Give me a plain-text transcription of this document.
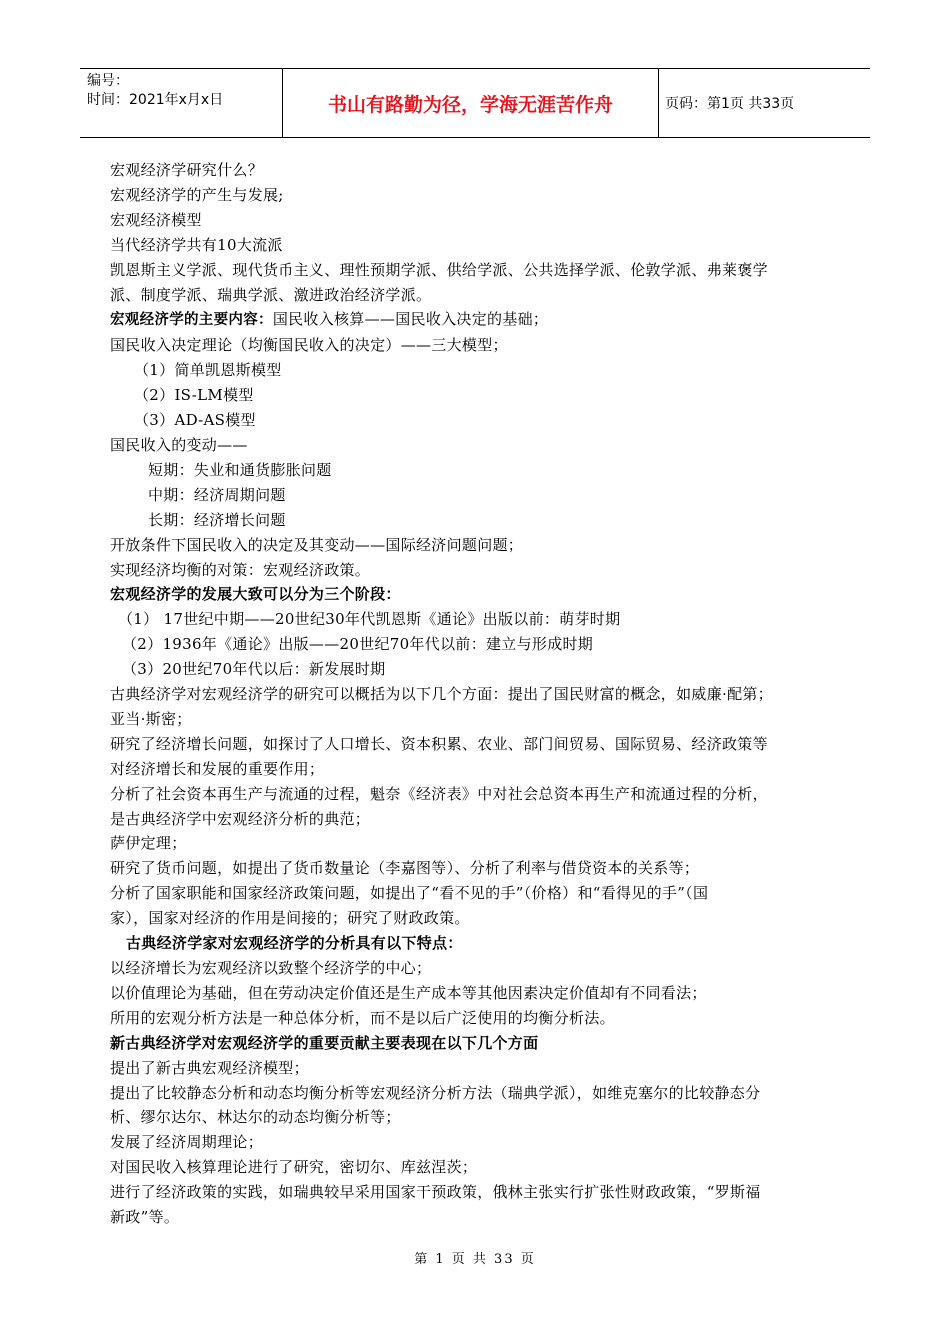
编号：
时间：2021年x月x日	书山有路勤为径，学海无涯苦作舟	页码：第1页 共33页

宏观经济学研究什么？

宏观经济学的产生与发展;

宏观经济模型

当代经济学共有10大流派

凯恩斯主义学派、现代货币主义、理性预期学派、供给学派、公共选择学派、伦敦学派、弗莱褒学

派、制度学派、瑞典学派、激进政治经济学派。

宏观经济学的主要内容：国民收入核算——国民收入决定的基础；

国民收入决定理论（均衡国民收入的决定）——三大模型；

（1）简单凯恩斯模型

（2）IS-LM模型

（3）AD-AS模型

国民收入的变动——

短期：失业和通货膨胀问题

中期：经济周期问题

长期：经济增长问题

开放条件下国民收入的决定及其变动——国际经济问题问题；

实现经济均衡的对策：宏观经济政策。

宏观经济学的发展大致可以分为三个阶段：

（1） 17世纪中期——20世纪30年代凯恩斯《通论》出版以前：萌芽时期

（2）1936年《通论》出版——20世纪70年代以前：建立与形成时期

（3）20世纪70年代以后：新发展时期

古典经济学对宏观经济学的研究可以概括为以下几个方面：提出了国民财富的概念，如威廉·配第；

亚当·斯密；

研究了经济增长问题，如探讨了人口增长、资本积累、农业、部门间贸易、国际贸易、经济政策等

对经济增长和发展的重要作用；

分析了社会资本再生产与流通的过程，魁奈《经济表》中对社会总资本再生产和流通过程的分析，

是古典经济学中宏观经济分析的典范；

萨伊定理；

研究了货币问题，如提出了货币数量论（李嘉图等）、分析了利率与借贷资本的关系等；

分析了国家职能和国家经济政策问题，如提出了“看不见的手”（价格）和“看得见的手”（国

家），国家对经济的作用是间接的；研究了财政政策。

古典经济学家对宏观经济学的分析具有以下特点：

以经济增长为宏观经济以致整个经济学的中心；

以价值理论为基础，但在劳动决定价值还是生产成本等其他因素决定价值却有不同看法；

所用的宏观分析方法是一种总体分析，而不是以后广泛使用的均衡分析法。

新古典经济学对宏观经济学的重要贡献主要表现在以下几个方面

提出了新古典宏观经济模型；

提出了比较静态分析和动态均衡分析等宏观经济分析方法（瑞典学派），如维克塞尔的比较静态分

析、缪尔达尔、林达尔的动态均衡分析等；

发展了经济周期理论；

对国民收入核算理论进行了研究，密切尔、库兹涅茨；

进行了经济政策的实践，如瑞典较早采用国家干预政策，俄林主张实行扩张性财政政策，“罗斯福

新政”等。

第 1 页 共 33 页
